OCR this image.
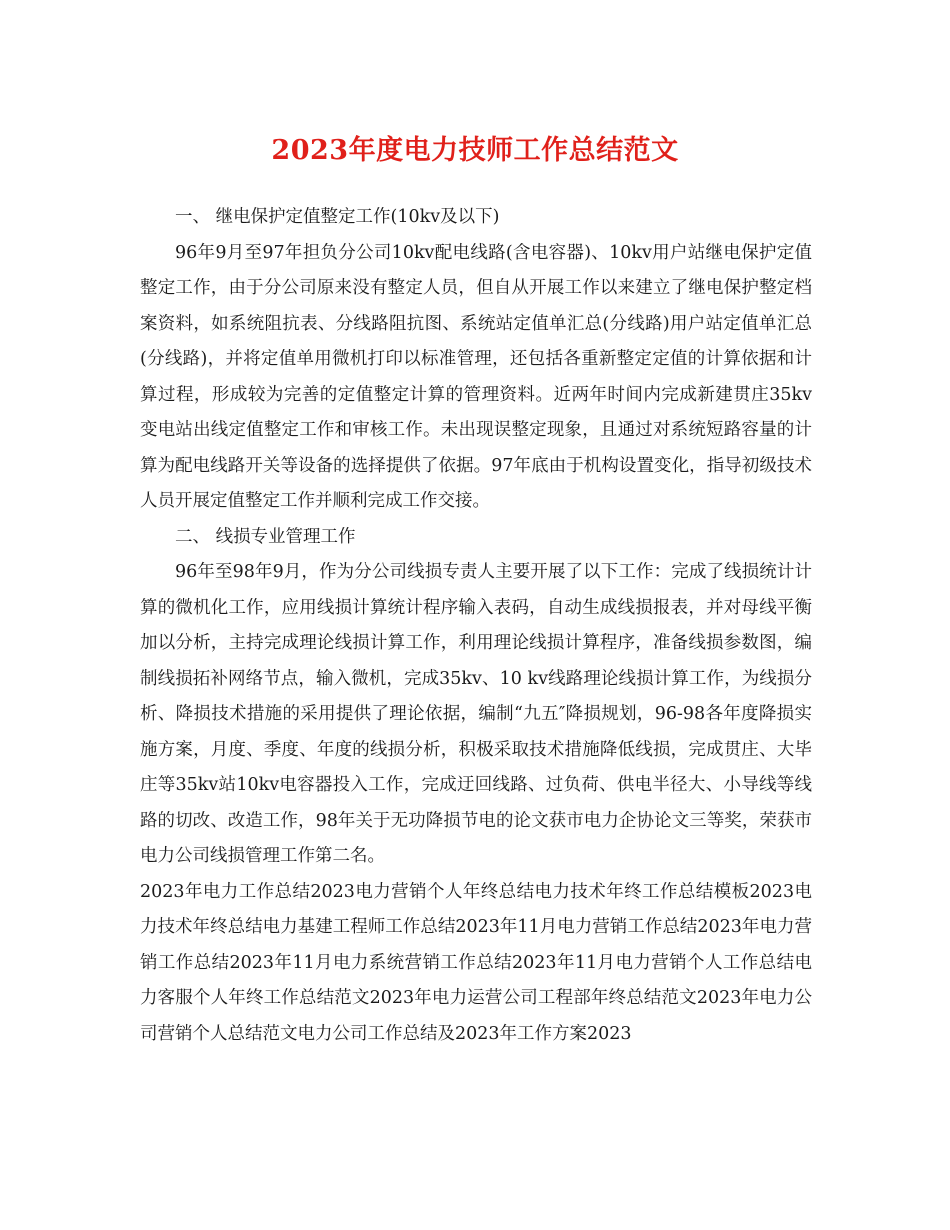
2023年度电力技师工作总结范文

一、 继电保护定值整定工作(10kv及以下)

96年9月至97年担负分公司10kv配电线路(含电容器)、10kv用户站继电保护定值整定工作，由于分公司原来没有整定人员，但自从开展工作以来建立了继电保护整定档案资料，如系统阻抗表、分线路阻抗图、系统站定值单汇总(分线路)用户站定值单汇总(分线路)，并将定值单用微机打印以标准管理，还包括各重新整定定值的计算依据和计算过程，形成较为完善的定值整定计算的管理资料。近两年时间内完成新建贯庄35kv变电站出线定值整定工作和审核工作。未出现误整定现象，且通过对系统短路容量的计算为配电线路开关等设备的选择提供了依据。97年底由于机构设置变化，指导初级技术人员开展定值整定工作并顺利完成工作交接。

二、 线损专业管理工作

96年至98年9月，作为分公司线损专责人主要开展了以下工作：完成了线损统计计算的微机化工作，应用线损计算统计程序输入表码，自动生成线损报表，并对母线平衡加以分析，主持完成理论线损计算工作，利用理论线损计算程序，准备线损参数图，编制线损拓补网络节点，输入微机，完成35kv、10 kv线路理论线损计算工作，为线损分析、降损技术措施的采用提供了理论依据，编制“九五″降损规划，96-98各年度降损实施方案，月度、季度、年度的线损分析，积极采取技术措施降低线损，完成贯庄、大毕庄等35kv站10kv电容器投入工作，完成迂回线路、过负荷、供电半径大、小导线等线路的切改、改造工作，98年关于无功降损节电的论文获市电力企协论文三等奖，荣获市电力公司线损管理工作第二名。

2023年电力工作总结2023电力营销个人年终总结电力技术年终工作总结模板2023电力技术年终总结电力基建工程师工作总结2023年11月电力营销工作总结2023年电力营销工作总结2023年11月电力系统营销工作总结2023年11月电力营销个人工作总结电力客服个人年终工作总结范文2023年电力运营公司工程部年终总结范文2023年电力公司营销个人总结范文电力公司工作总结及2023年工作方案2023
